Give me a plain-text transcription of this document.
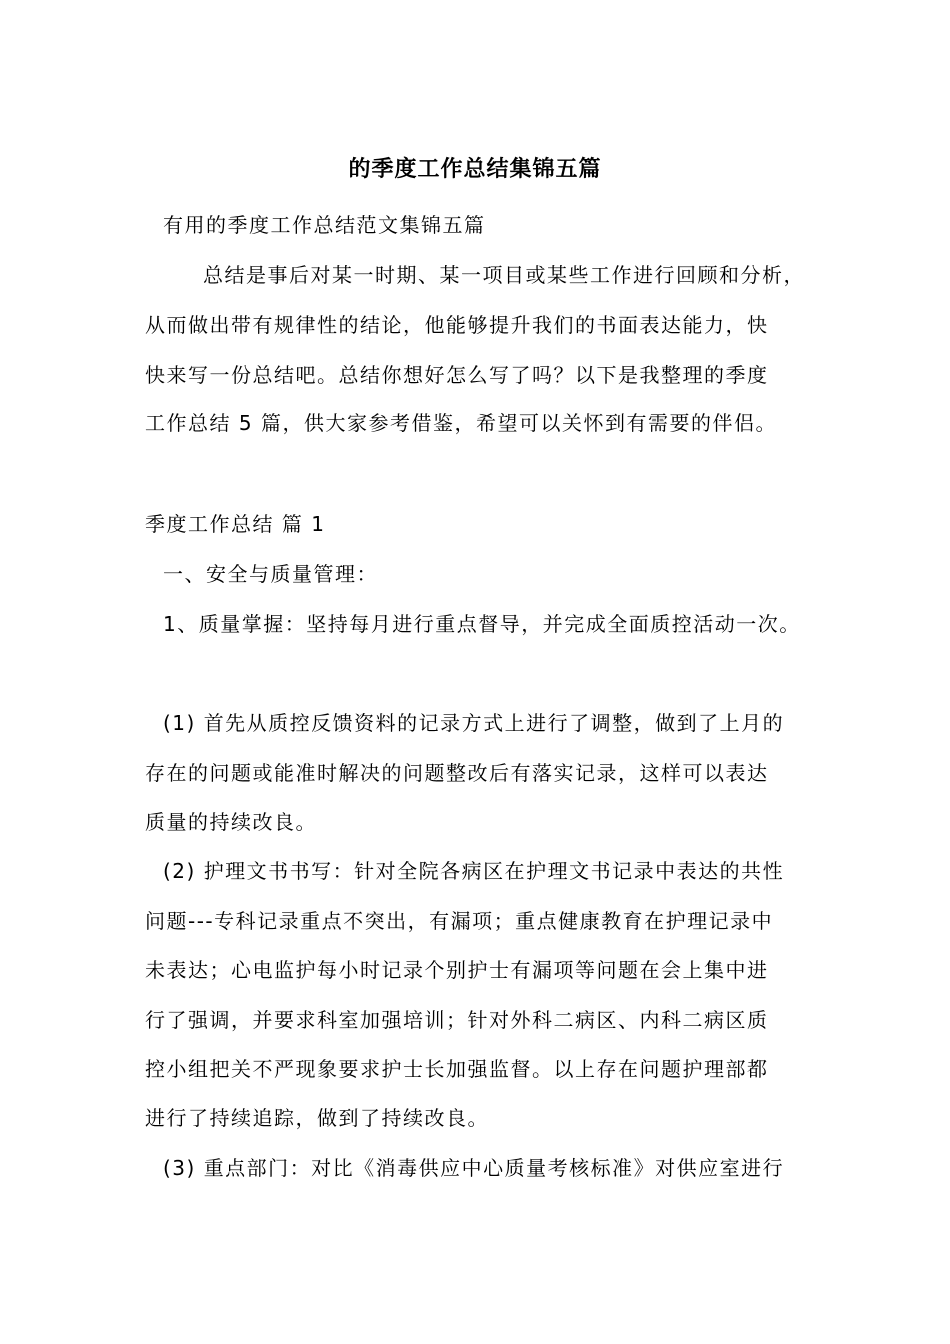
的季度工作总结集锦五篇
有用的季度工作总结范文集锦五篇
总结是事后对某一时期、某一项目或某些工作进行回顾和分析，
从而做出带有规律性的结论，他能够提升我们的书面表达能力，快
快来写一份总结吧。总结你想好怎么写了吗？以下是我整理的季度
工作总结 5 篇，供大家参考借鉴，希望可以关怀到有需要的伴侣。
季度工作总结 篇 1
一、安全与质量管理：
1、质量掌握：坚持每月进行重点督导，并完成全面质控活动一次。
(1) 首先从质控反馈资料的记录方式上进行了调整，做到了上月的
存在的问题或能准时解决的问题整改后有落实记录，这样可以表达
质量的持续改良。
(2) 护理文书书写：针对全院各病区在护理文书记录中表达的共性
问题---专科记录重点不突出，有漏项；重点健康教育在护理记录中
未表达；心电监护每小时记录个别护士有漏项等问题在会上集中进
行了强调，并要求科室加强培训；针对外科二病区、内科二病区质
控小组把关不严现象要求护士长加强监督。以上存在问题护理部都
进行了持续追踪，做到了持续改良。
(3) 重点部门：对比《消毒供应中心质量考核标准》对供应室进行
